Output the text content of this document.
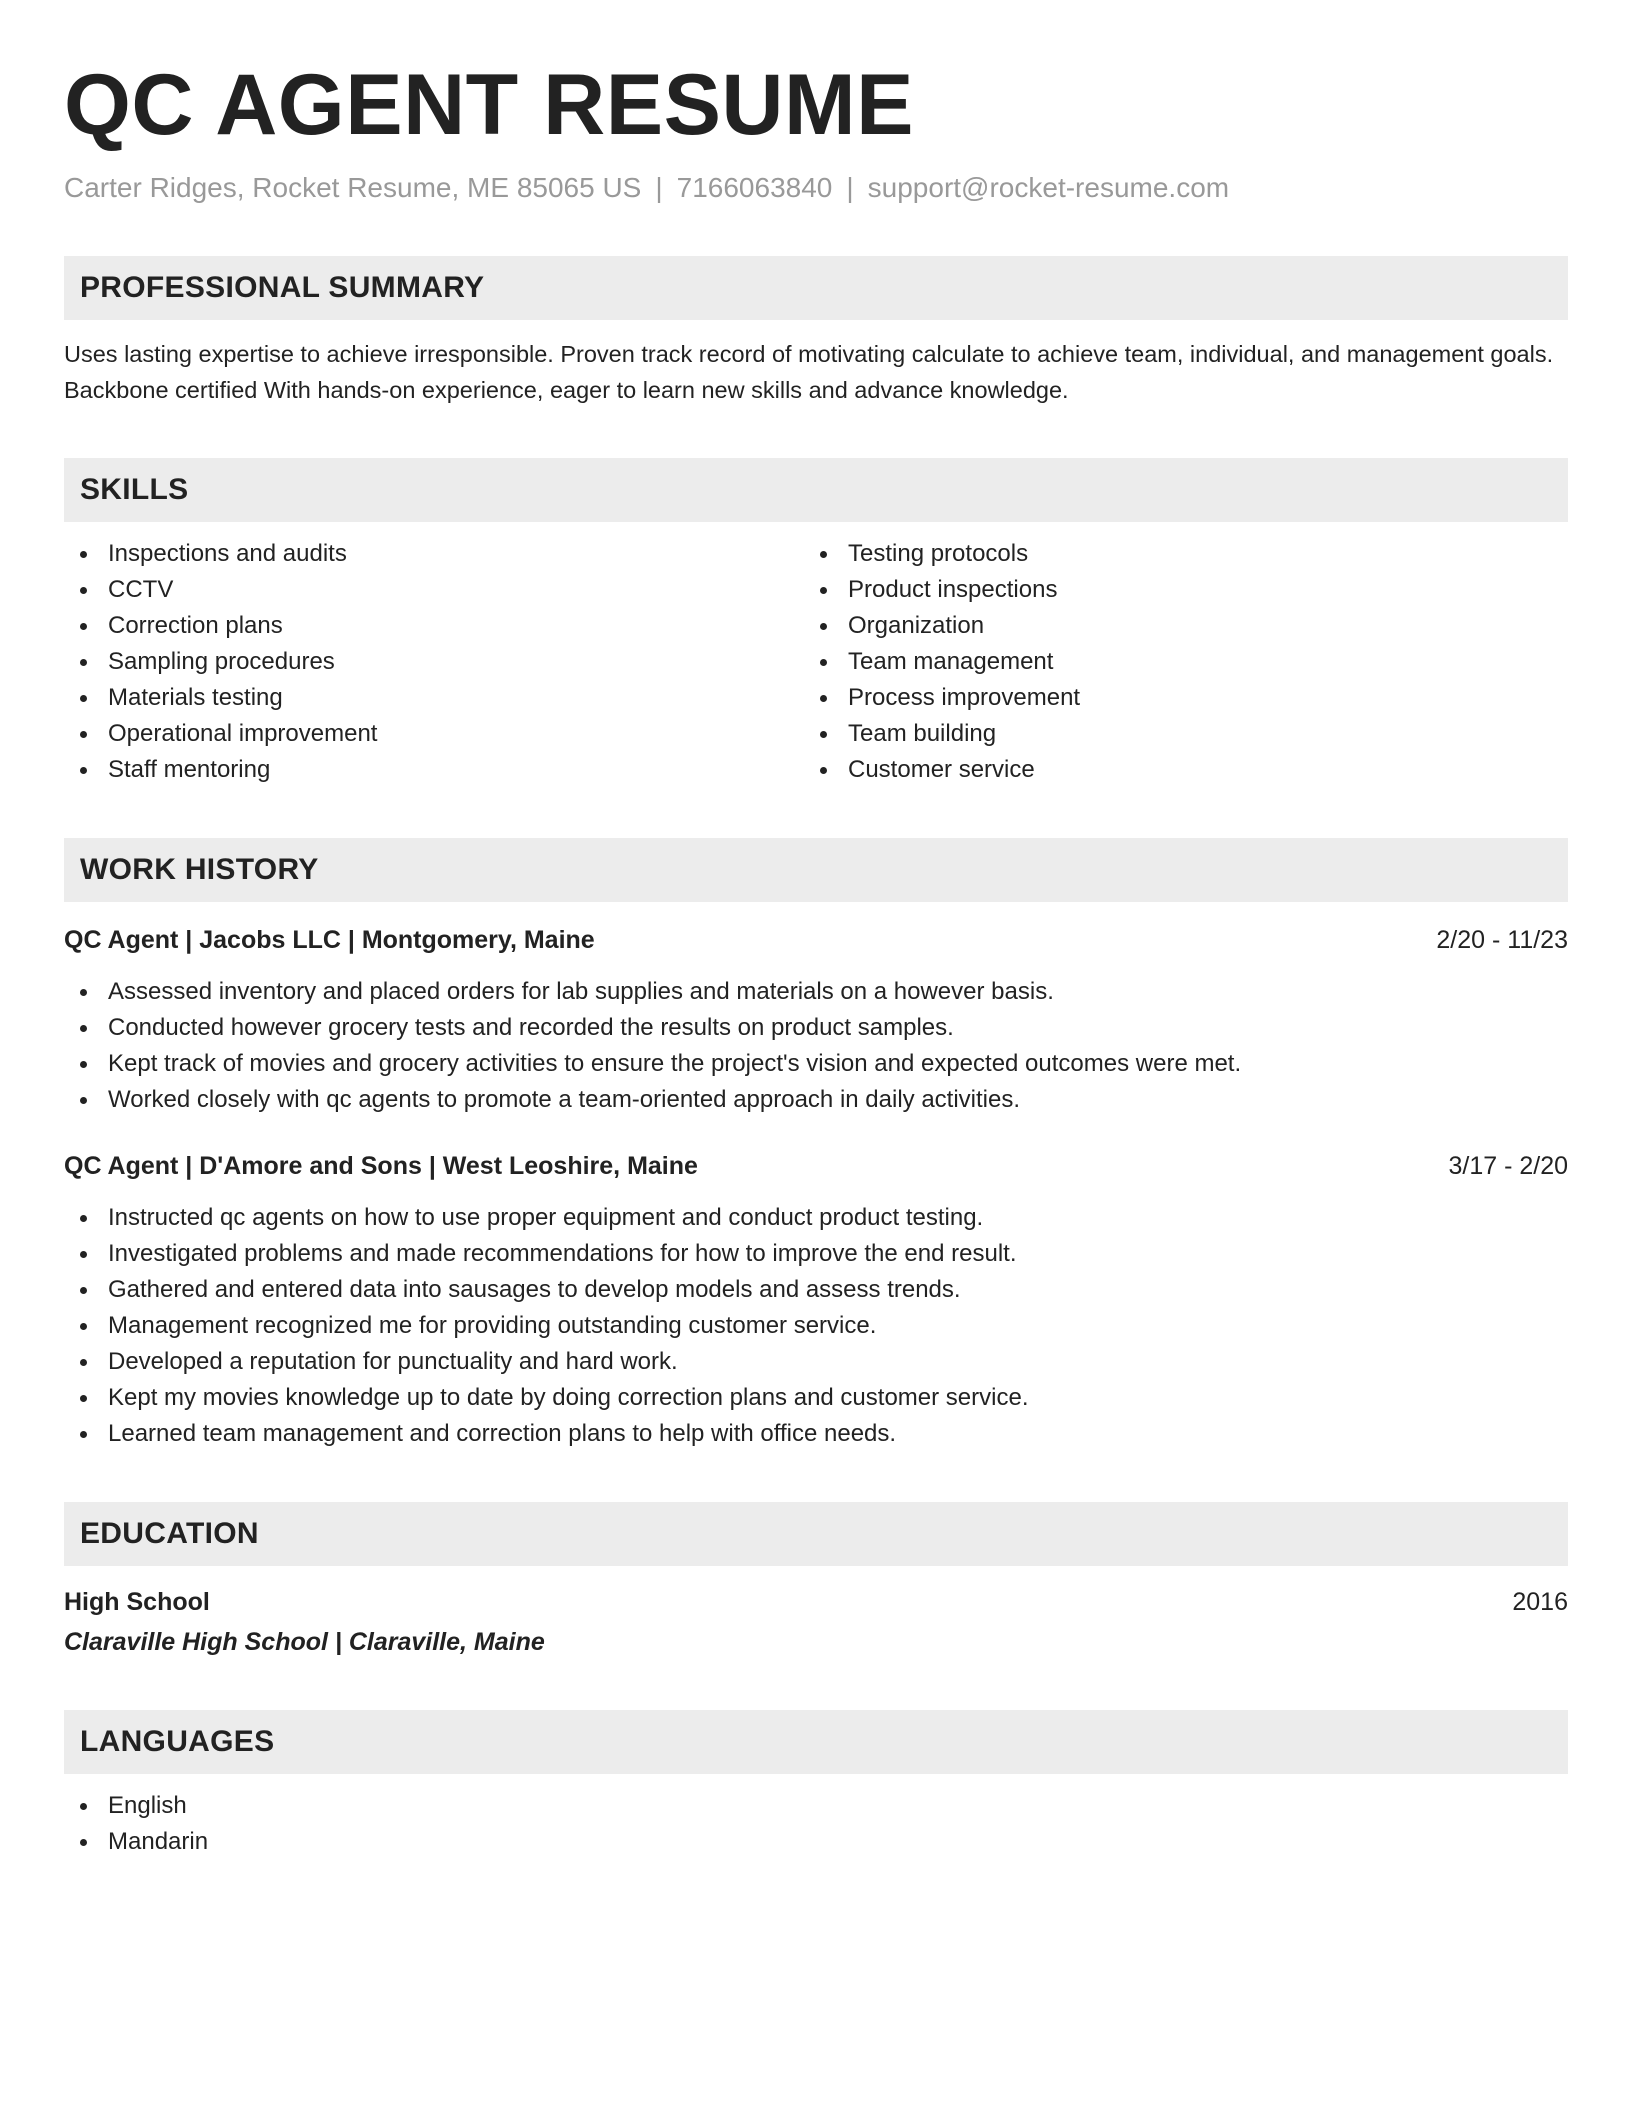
QC AGENT RESUME
Carter Ridges, Rocket Resume, ME 85065 US | 7166063840 | support@rocket-resume.com
PROFESSIONAL SUMMARY
Uses lasting expertise to achieve irresponsible. Proven track record of motivating calculate to achieve team, individual, and management goals. Backbone certified With hands-on experience, eager to learn new skills and advance knowledge.
SKILLS
Inspections and audits
CCTV
Correction plans
Sampling procedures
Materials testing
Operational improvement
Staff mentoring
Testing protocols
Product inspections
Organization
Team management
Process improvement
Team building
Customer service
WORK HISTORY
QC Agent | Jacobs LLC | Montgomery, Maine	2/20 - 11/23
Assessed inventory and placed orders for lab supplies and materials on a however basis.
Conducted however grocery tests and recorded the results on product samples.
Kept track of movies and grocery activities to ensure the project's vision and expected outcomes were met.
Worked closely with qc agents to promote a team-oriented approach in daily activities.
QC Agent | D'Amore and Sons | West Leoshire, Maine	3/17 - 2/20
Instructed qc agents on how to use proper equipment and conduct product testing.
Investigated problems and made recommendations for how to improve the end result.
Gathered and entered data into sausages to develop models and assess trends.
Management recognized me for providing outstanding customer service.
Developed a reputation for punctuality and hard work.
Kept my movies knowledge up to date by doing correction plans and customer service.
Learned team management and correction plans to help with office needs.
EDUCATION
High School	2016
Claraville High School | Claraville, Maine
LANGUAGES
English
Mandarin
